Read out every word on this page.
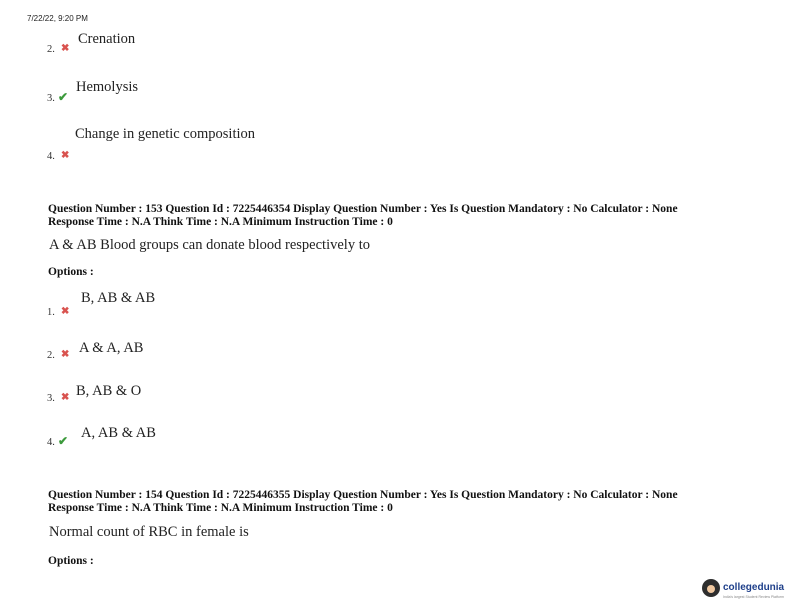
7/22/22, 9:20 PM
Crenation
2. ✖
Hemolysis
3. ✔
Change in genetic composition
4. ✖
Question Number : 153 Question Id : 7225446354 Display Question Number : Yes Is Question Mandatory : No Calculator : None
Response Time : N.A Think Time : N.A Minimum Instruction Time : 0
A & AB Blood groups can donate blood respectively to
Options :
B, AB & AB
1. ✖
A & A, AB
2. ✖
B, AB & O
3. ✖
A, AB & AB
4. ✔
Question Number : 154 Question Id : 7225446355 Display Question Number : Yes Is Question Mandatory : No Calculator : None
Response Time : N.A Think Time : N.A Minimum Instruction Time : 0
Normal count of RBC in female is
Options :
collegedunia
India's largest Student Review Platform
